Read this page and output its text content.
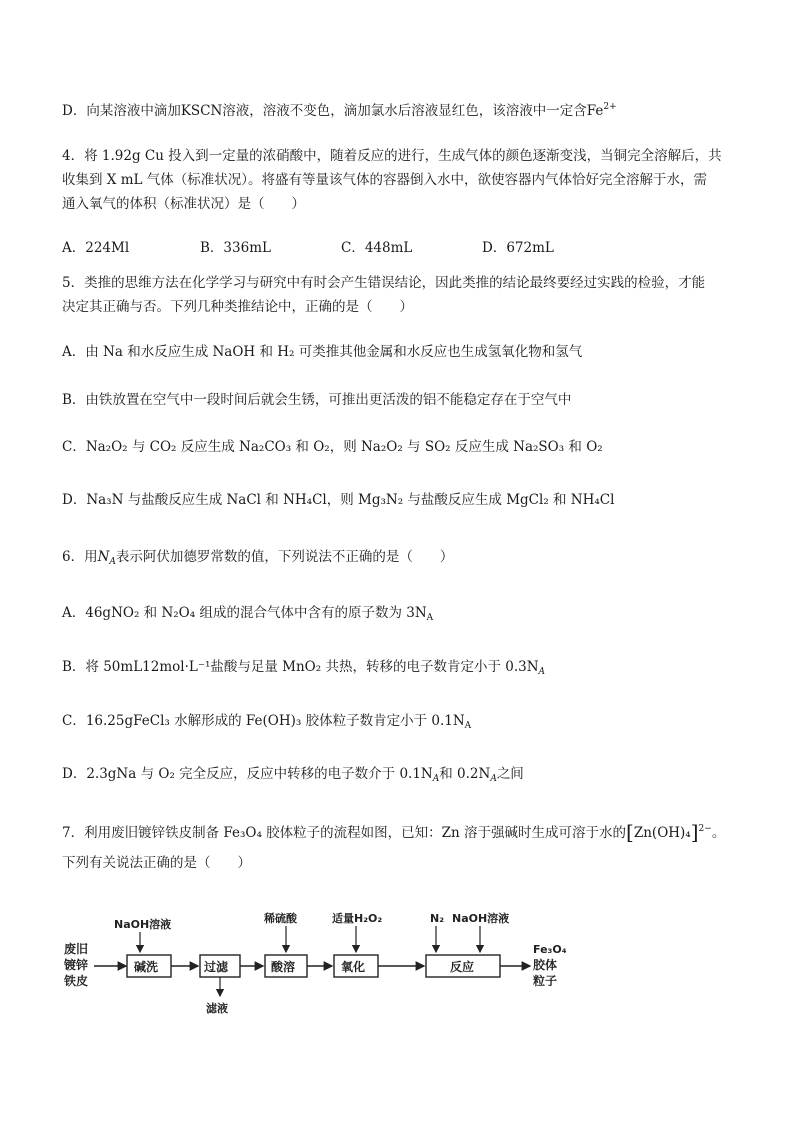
D．向某溶液中滴加KSCN溶液，溶液不变色，滴加氯水后溶液显红色，该溶液中一定含$Fe^{2+}$
4．将 1.92g Cu 投入到一定量的浓硝酸中，随着反应的进行，生成气体的颜色逐渐变浅，当铜完全溶解后，共
收集到 X mL 气体（标准状况）。将盛有等量该气体的容器倒入水中，欲使容器内气体恰好完全溶解于水，需
通入氧气的体积（标准状况）是（　　）
A．224Ml	B．336mL	C．448mL	D．672mL
5．类推的思维方法在化学学习与研究中有时会产生错误结论，因此类推的结论最终要经过实践的检验，才能
决定其正确与否。下列几种类推结论中，正确的是（　　）
A．由 Na 和水反应生成 NaOH 和 H₂ 可类推其他金属和水反应也生成氢氧化物和氢气
B．由铁放置在空气中一段时间后就会生锈，可推出更活泼的铝不能稳定存在于空气中
C．Na₂O₂ 与 CO₂ 反应生成 Na₂CO₃ 和 O₂，则 Na₂O₂ 与 SO₂ 反应生成 Na₂SO₃ 和 O₂
D．Na₃N 与盐酸反应生成 NaCl 和 NH₄Cl，则 Mg₃N₂ 与盐酸反应生成 MgCl₂ 和 NH₄Cl
6．用$N_A$表示阿伏加德罗常数的值，下列说法不正确的是（　　）
A．46gNO₂ 和 N₂O₄ 组成的混合气体中含有的原子数为 $3N_A$
B．将 50mL12mol·L⁻¹盐酸与足量 MnO₂ 共热，转移的电子数肯定小于 $0.3N_A$
C．16.25gFeCl₃ 水解形成的 Fe(OH)₃ 胶体粒子数肯定小于 $0.1N_A$
D．2.3gNa 与 O₂ 完全反应，反应中转移的电子数介于 $0.1N_A$和 $0.2N_A$之间
7．利用废旧镀锌铁皮制备 Fe₃O₄ 胶体粒子的流程如图，已知：Zn 溶于强碱时生成可溶于水的$[Zn(OH)_4]^{2-}$。
下列有关说法正确的是（　　）
废旧
镀锌
铁皮
NaOH溶液
碱洗	过滤
滤液
稀硫酸
酸溶
适量H₂O₂
氧化
N₂ NaOH溶液
反应
Fe₃O₄
胶体
粒子
